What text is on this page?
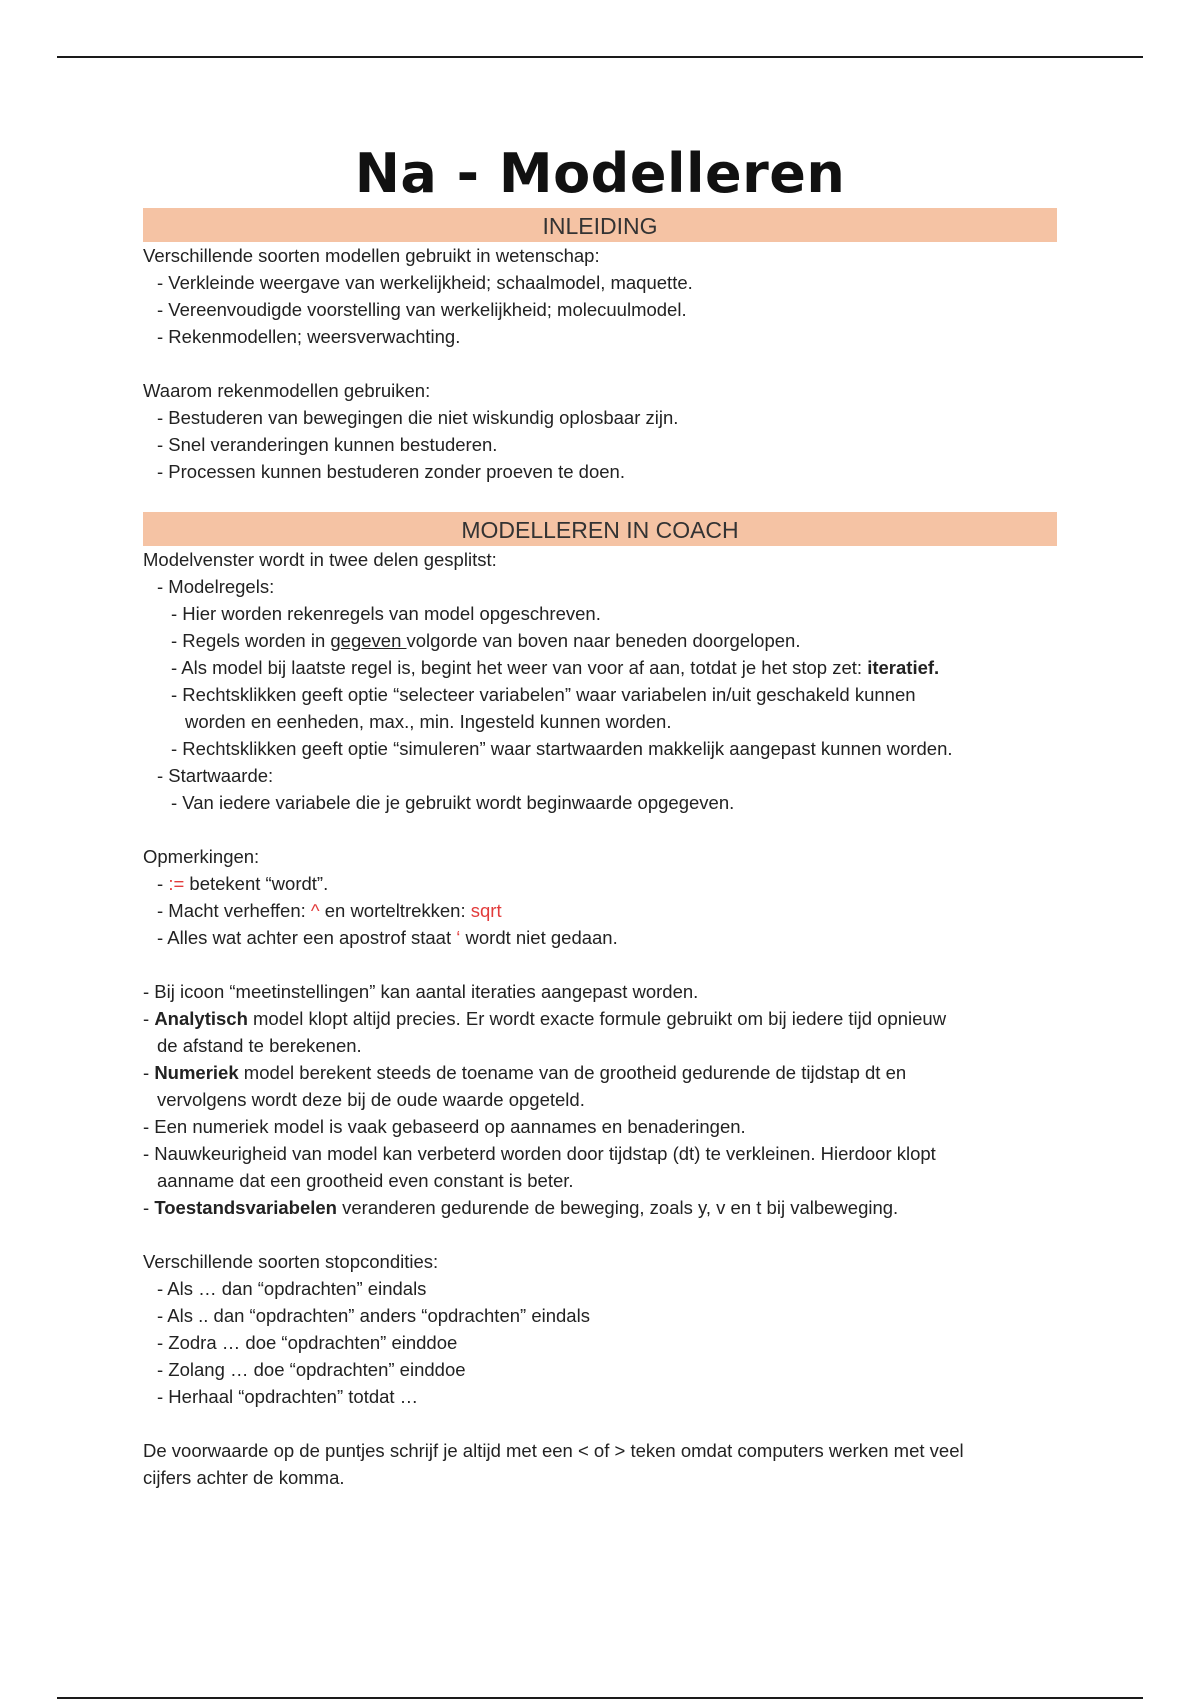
Na - Modelleren
INLEIDING
Verschillende soorten modellen gebruikt in wetenschap:
- Verkleinde weergave van werkelijkheid; schaalmodel, maquette.
- Vereenvoudigde voorstelling van werkelijkheid; molecuulmodel.
- Rekenmodellen; weersverwachting.
Waarom rekenmodellen gebruiken:
- Bestuderen van bewegingen die niet wiskundig oplosbaar zijn.
- Snel veranderingen kunnen bestuderen.
- Processen kunnen bestuderen zonder proeven te doen.
MODELLEREN IN COACH
Modelvenster wordt in twee delen gesplitst:
- Modelregels:
- Hier worden rekenregels van model opgeschreven.
- Regels worden in gegeven volgorde van boven naar beneden doorgelopen.
- Als model bij laatste regel is, begint het weer van voor af aan, totdat je het stop zet: iteratief.
- Rechtsklikken geeft optie “selecteer variabelen” waar variabelen in/uit geschakeld kunnen
worden en eenheden, max., min. Ingesteld kunnen worden.
- Rechtsklikken geeft optie “simuleren” waar startwaarden makkelijk aangepast kunnen worden.
- Startwaarde:
- Van iedere variabele die je gebruikt wordt beginwaarde opgegeven.
Opmerkingen:
- := betekent “wordt”.
- Macht verheffen: ^ en worteltrekken: sqrt
- Alles wat achter een apostrof staat ‘ wordt niet gedaan.
- Bij icoon “meetinstellingen” kan aantal iteraties aangepast worden.
- Analytisch model klopt altijd precies. Er wordt exacte formule gebruikt om bij iedere tijd opnieuw
de afstand te berekenen.
- Numeriek model berekent steeds de toename van de grootheid gedurende de tijdstap dt en
vervolgens wordt deze bij de oude waarde opgeteld.
- Een numeriek model is vaak gebaseerd op aannames en benaderingen.
- Nauwkeurigheid van model kan verbeterd worden door tijdstap (dt) te verkleinen. Hierdoor klopt
aanname dat een grootheid even constant is beter.
- Toestandsvariabelen veranderen gedurende de beweging, zoals y, v en t bij valbeweging.
Verschillende soorten stopcondities:
- Als … dan “opdrachten” eindals
- Als .. dan “opdrachten” anders “opdrachten” eindals
- Zodra … doe “opdrachten” einddoe
- Zolang … doe “opdrachten” einddoe
- Herhaal “opdrachten” totdat …
De voorwaarde op de puntjes schrijf je altijd met een < of > teken omdat computers werken met veel
cijfers achter de komma.
